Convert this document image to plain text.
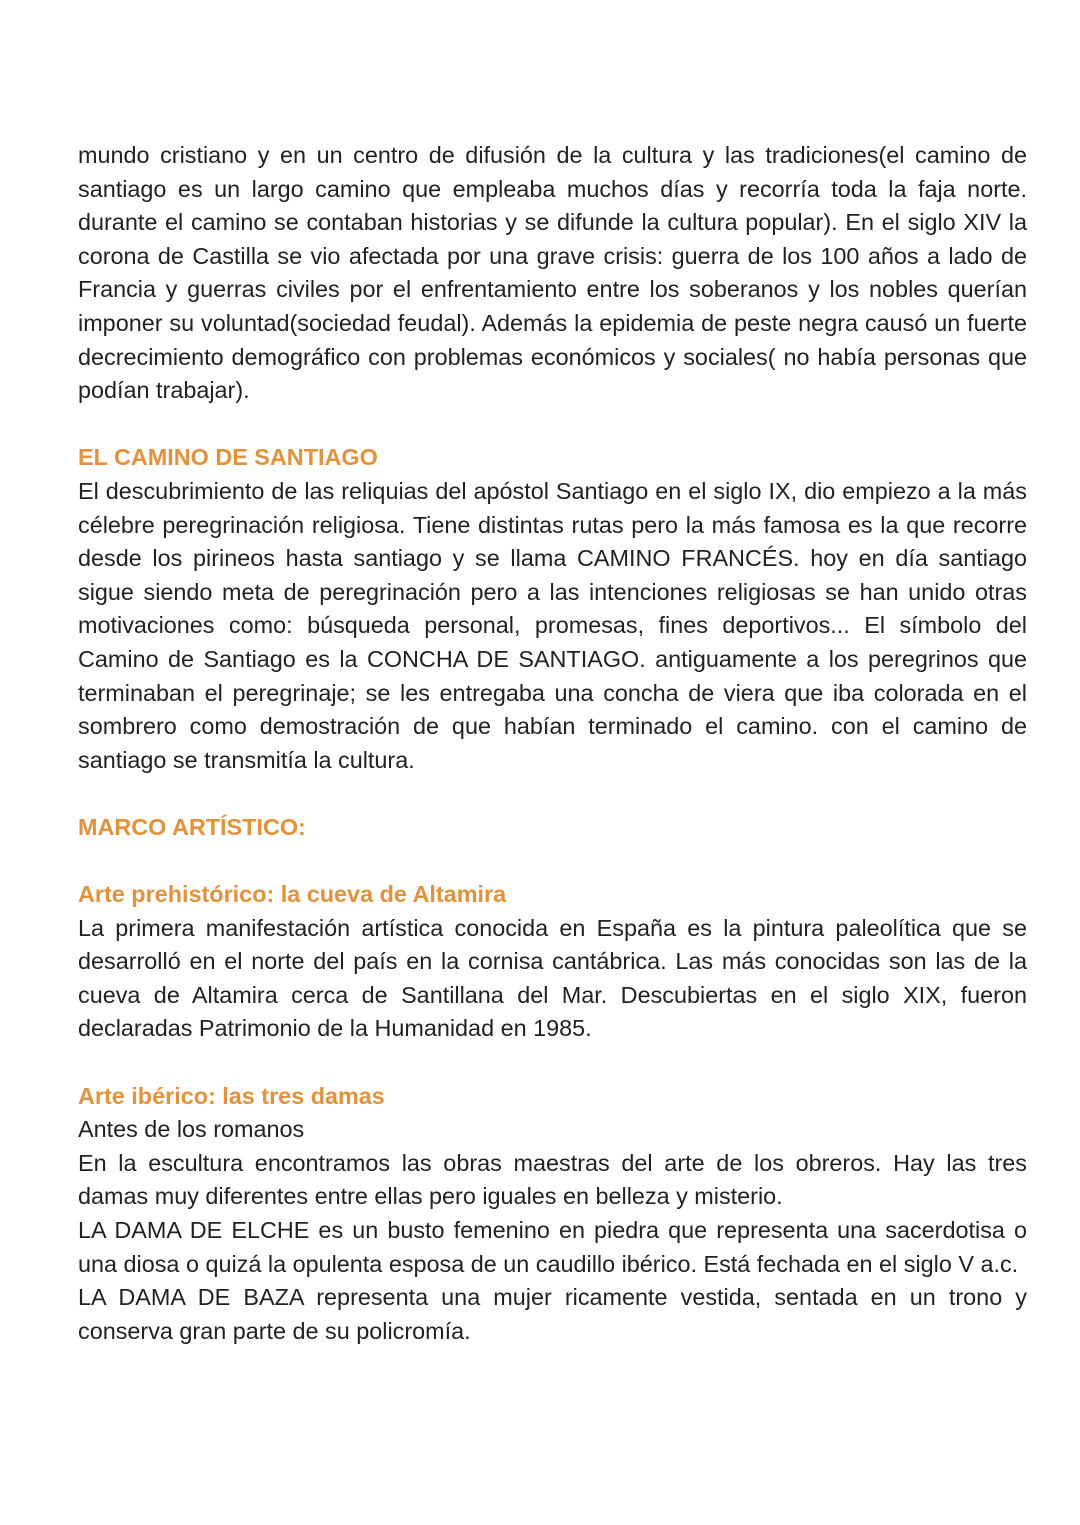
mundo cristiano y en un centro de difusión de la cultura y las tradiciones(el camino de santiago es un largo camino que empleaba muchos días y recorría toda la faja norte. durante el camino se contaban historias y se difunde la cultura popular). En el siglo XIV la corona de Castilla se vio afectada por una grave crisis: guerra de los 100 años a lado de Francia y guerras civiles por el enfrentamiento entre los soberanos y los nobles querían imponer su voluntad(sociedad feudal). Además la epidemia de peste negra causó un fuerte decrecimiento demográfico con problemas económicos y sociales( no había personas que podían trabajar).

EL CAMINO DE SANTIAGO

El descubrimiento de las reliquias del apóstol Santiago en el siglo IX, dio empiezo a la más célebre peregrinación religiosa. Tiene distintas rutas pero la más famosa es la que recorre desde los pirineos hasta santiago y se llama CAMINO FRANCÉS. hoy en día santiago sigue siendo meta de peregrinación pero a las intenciones religiosas se han unido otras motivaciones como: búsqueda personal, promesas, fines deportivos... El símbolo del Camino de Santiago es la CONCHA DE SANTIAGO. antiguamente a los peregrinos que terminaban el peregrinaje; se les entregaba una concha de viera que iba colorada en el sombrero como demostración de que habían terminado el camino. con el camino de santiago se transmitía la cultura.

MARCO ARTÍSTICO:
Arte prehistórico: la cueva de Altamira

La primera manifestación artística conocida en España es la pintura paleolítica que se desarrolló en el norte del país en la cornisa cantábrica. Las más conocidas son las de la cueva de Altamira cerca de Santillana del Mar. Descubiertas en el siglo XIX, fueron declaradas Patrimonio de la Humanidad en 1985.

Arte ibérico: las tres damas

Antes de los romanos

En la escultura encontramos las obras maestras del arte de los obreros. Hay las tres damas muy diferentes entre ellas pero iguales en belleza y misterio.

LA DAMA DE ELCHE es un busto femenino en piedra que representa una sacerdotisa o una diosa o quizá la opulenta esposa de un caudillo ibérico. Está fechada en el siglo V a.c.

LA DAMA DE BAZA representa una mujer ricamente vestida, sentada en un trono y conserva gran parte de su policromía.
